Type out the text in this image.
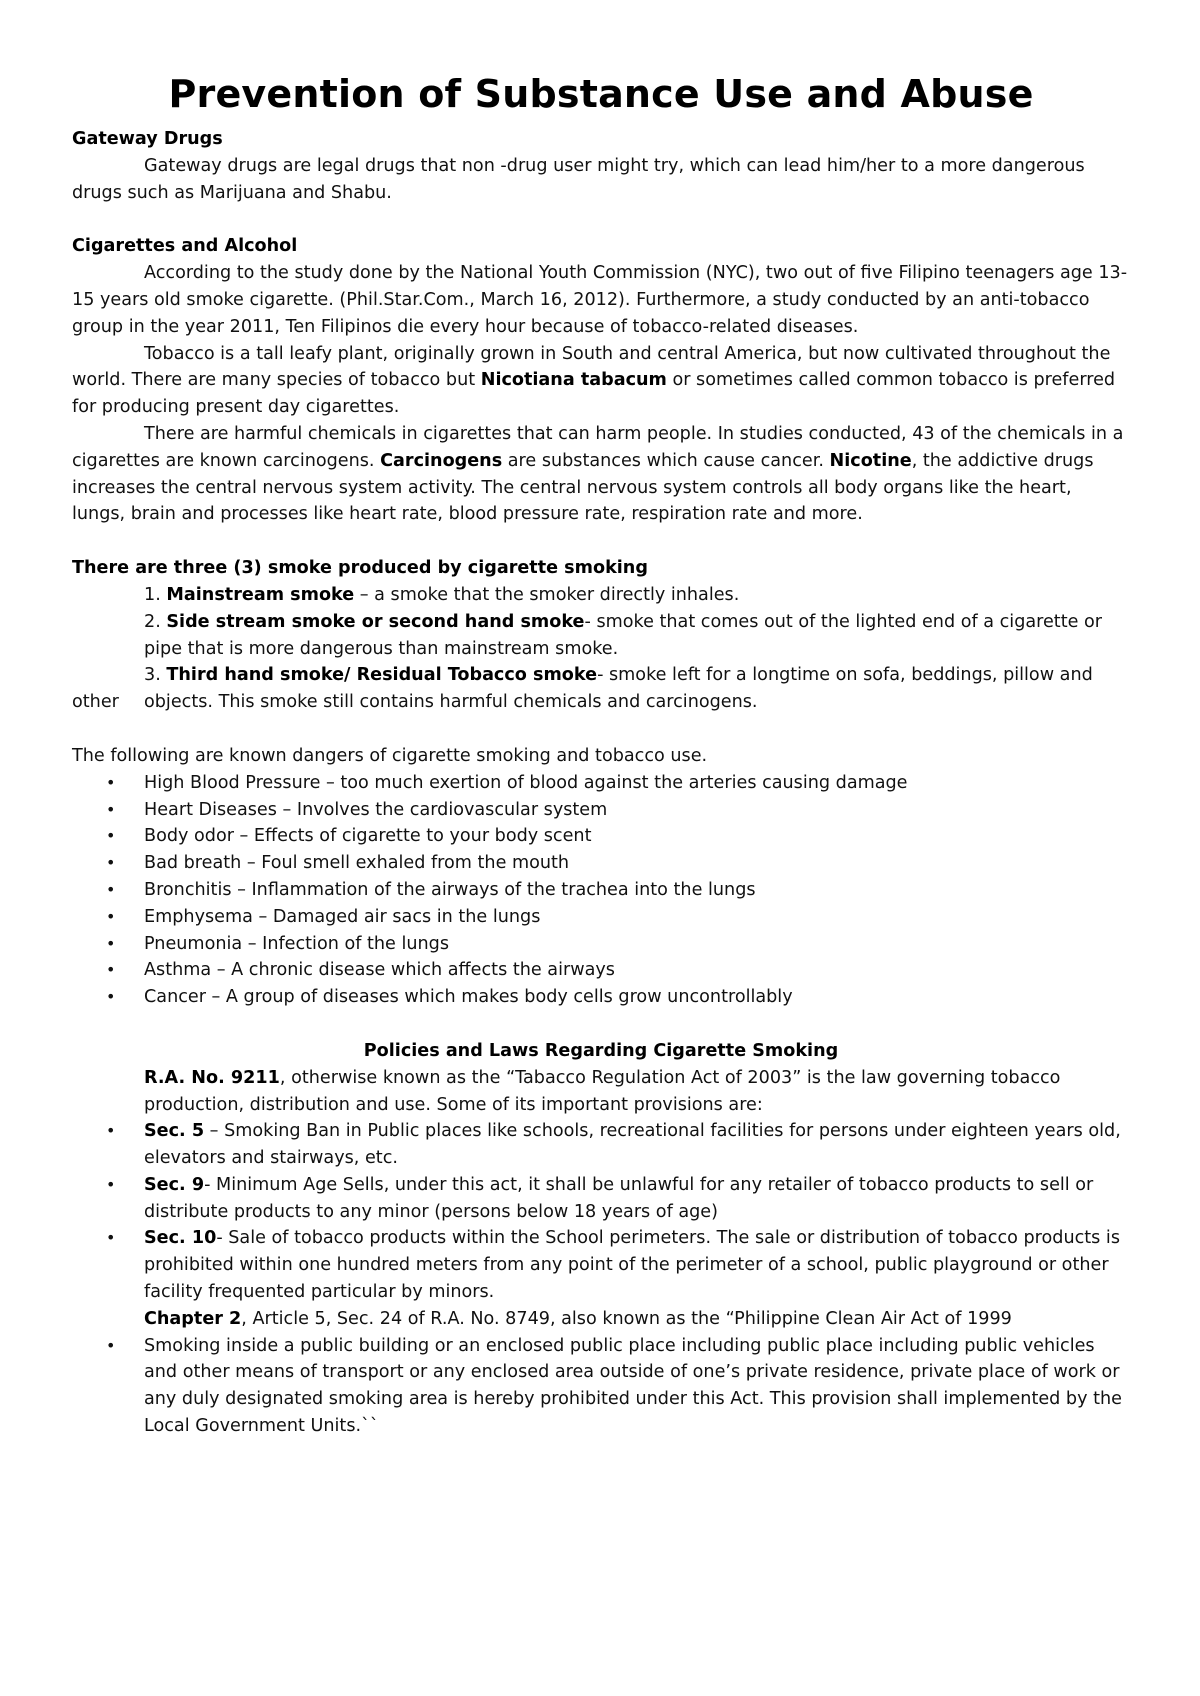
Prevention of Substance Use and Abuse

Gateway Drugs

Gateway drugs are legal drugs that non -drug user might try, which can lead him/her to a more dangerous drugs such as Marijuana and Shabu.

Cigarettes and Alcohol

According to the study done by the National Youth Commission (NYC), two out of five Filipino teenagers age 13-15 years old smoke cigarette. (Phil.Star.Com., March 16, 2012). Furthermore, a study conducted by an anti-tobacco group in the year 2011, Ten Filipinos die every hour because of tobacco-related diseases.

Tobacco is a tall leafy plant, originally grown in South and central America, but now cultivated throughout the world. There are many species of tobacco but Nicotiana tabacum or sometimes called common tobacco is preferred for producing present day cigarettes.

There are harmful chemicals in cigarettes that can harm people. In studies conducted, 43 of the chemicals in a cigarettes are known carcinogens. Carcinogens are substances which cause cancer. Nicotine, the addictive drugs increases the central nervous system activity. The central nervous system controls all body organs like the heart, lungs, brain and processes like heart rate, blood pressure rate, respiration rate and more.

There are three (3) smoke produced by cigarette smoking

1. Mainstream smoke – a smoke that the smoker directly inhales.

2. Side stream smoke or second hand smoke- smoke that comes out of the lighted end of a cigarette or pipe that is more dangerous than mainstream smoke.

3. Third hand smoke/ Residual Tobacco smoke- smoke left for a longtime on sofa, beddings, pillow and

other objects. This smoke still contains harmful chemicals and carcinogens.

The following are known dangers of cigarette smoking and tobacco use.

• High Blood Pressure – too much exertion of blood against the arteries causing damage
• Heart Diseases – Involves the cardiovascular system
• Body odor – Effects of cigarette to your body scent
• Bad breath – Foul smell exhaled from the mouth
• Bronchitis – Inflammation of the airways of the trachea into the lungs
• Emphysema – Damaged air sacs in the lungs
• Pneumonia – Infection of the lungs
• Asthma – A chronic disease which affects the airways
• Cancer – A group of diseases which makes body cells grow uncontrollably

Policies and Laws Regarding Cigarette Smoking

R.A. No. 9211, otherwise known as the “Tabacco Regulation Act of 2003” is the law governing tobacco production, distribution and use. Some of its important provisions are:

• Sec. 5 – Smoking Ban in Public places like schools, recreational facilities for persons under eighteen years old, elevators and stairways, etc.
• Sec. 9- Minimum Age Sells, under this act, it shall be unlawful for any retailer of tobacco products to sell or distribute products to any minor (persons below 18 years of age)
• Sec. 10- Sale of tobacco products within the School perimeters. The sale or distribution of tobacco products is prohibited within one hundred meters from any point of the perimeter of a school, public playground or other facility frequented particular by minors.

Chapter 2, Article 5, Sec. 24 of R.A. No. 8749, also known as the “Philippine Clean Air Act of 1999

• Smoking inside a public building or an enclosed public place including public place including public vehicles and other means of transport or any enclosed area outside of one’s private residence, private place of work or any duly designated smoking area is hereby prohibited under this Act. This provision shall implemented by the Local Government Units.``
